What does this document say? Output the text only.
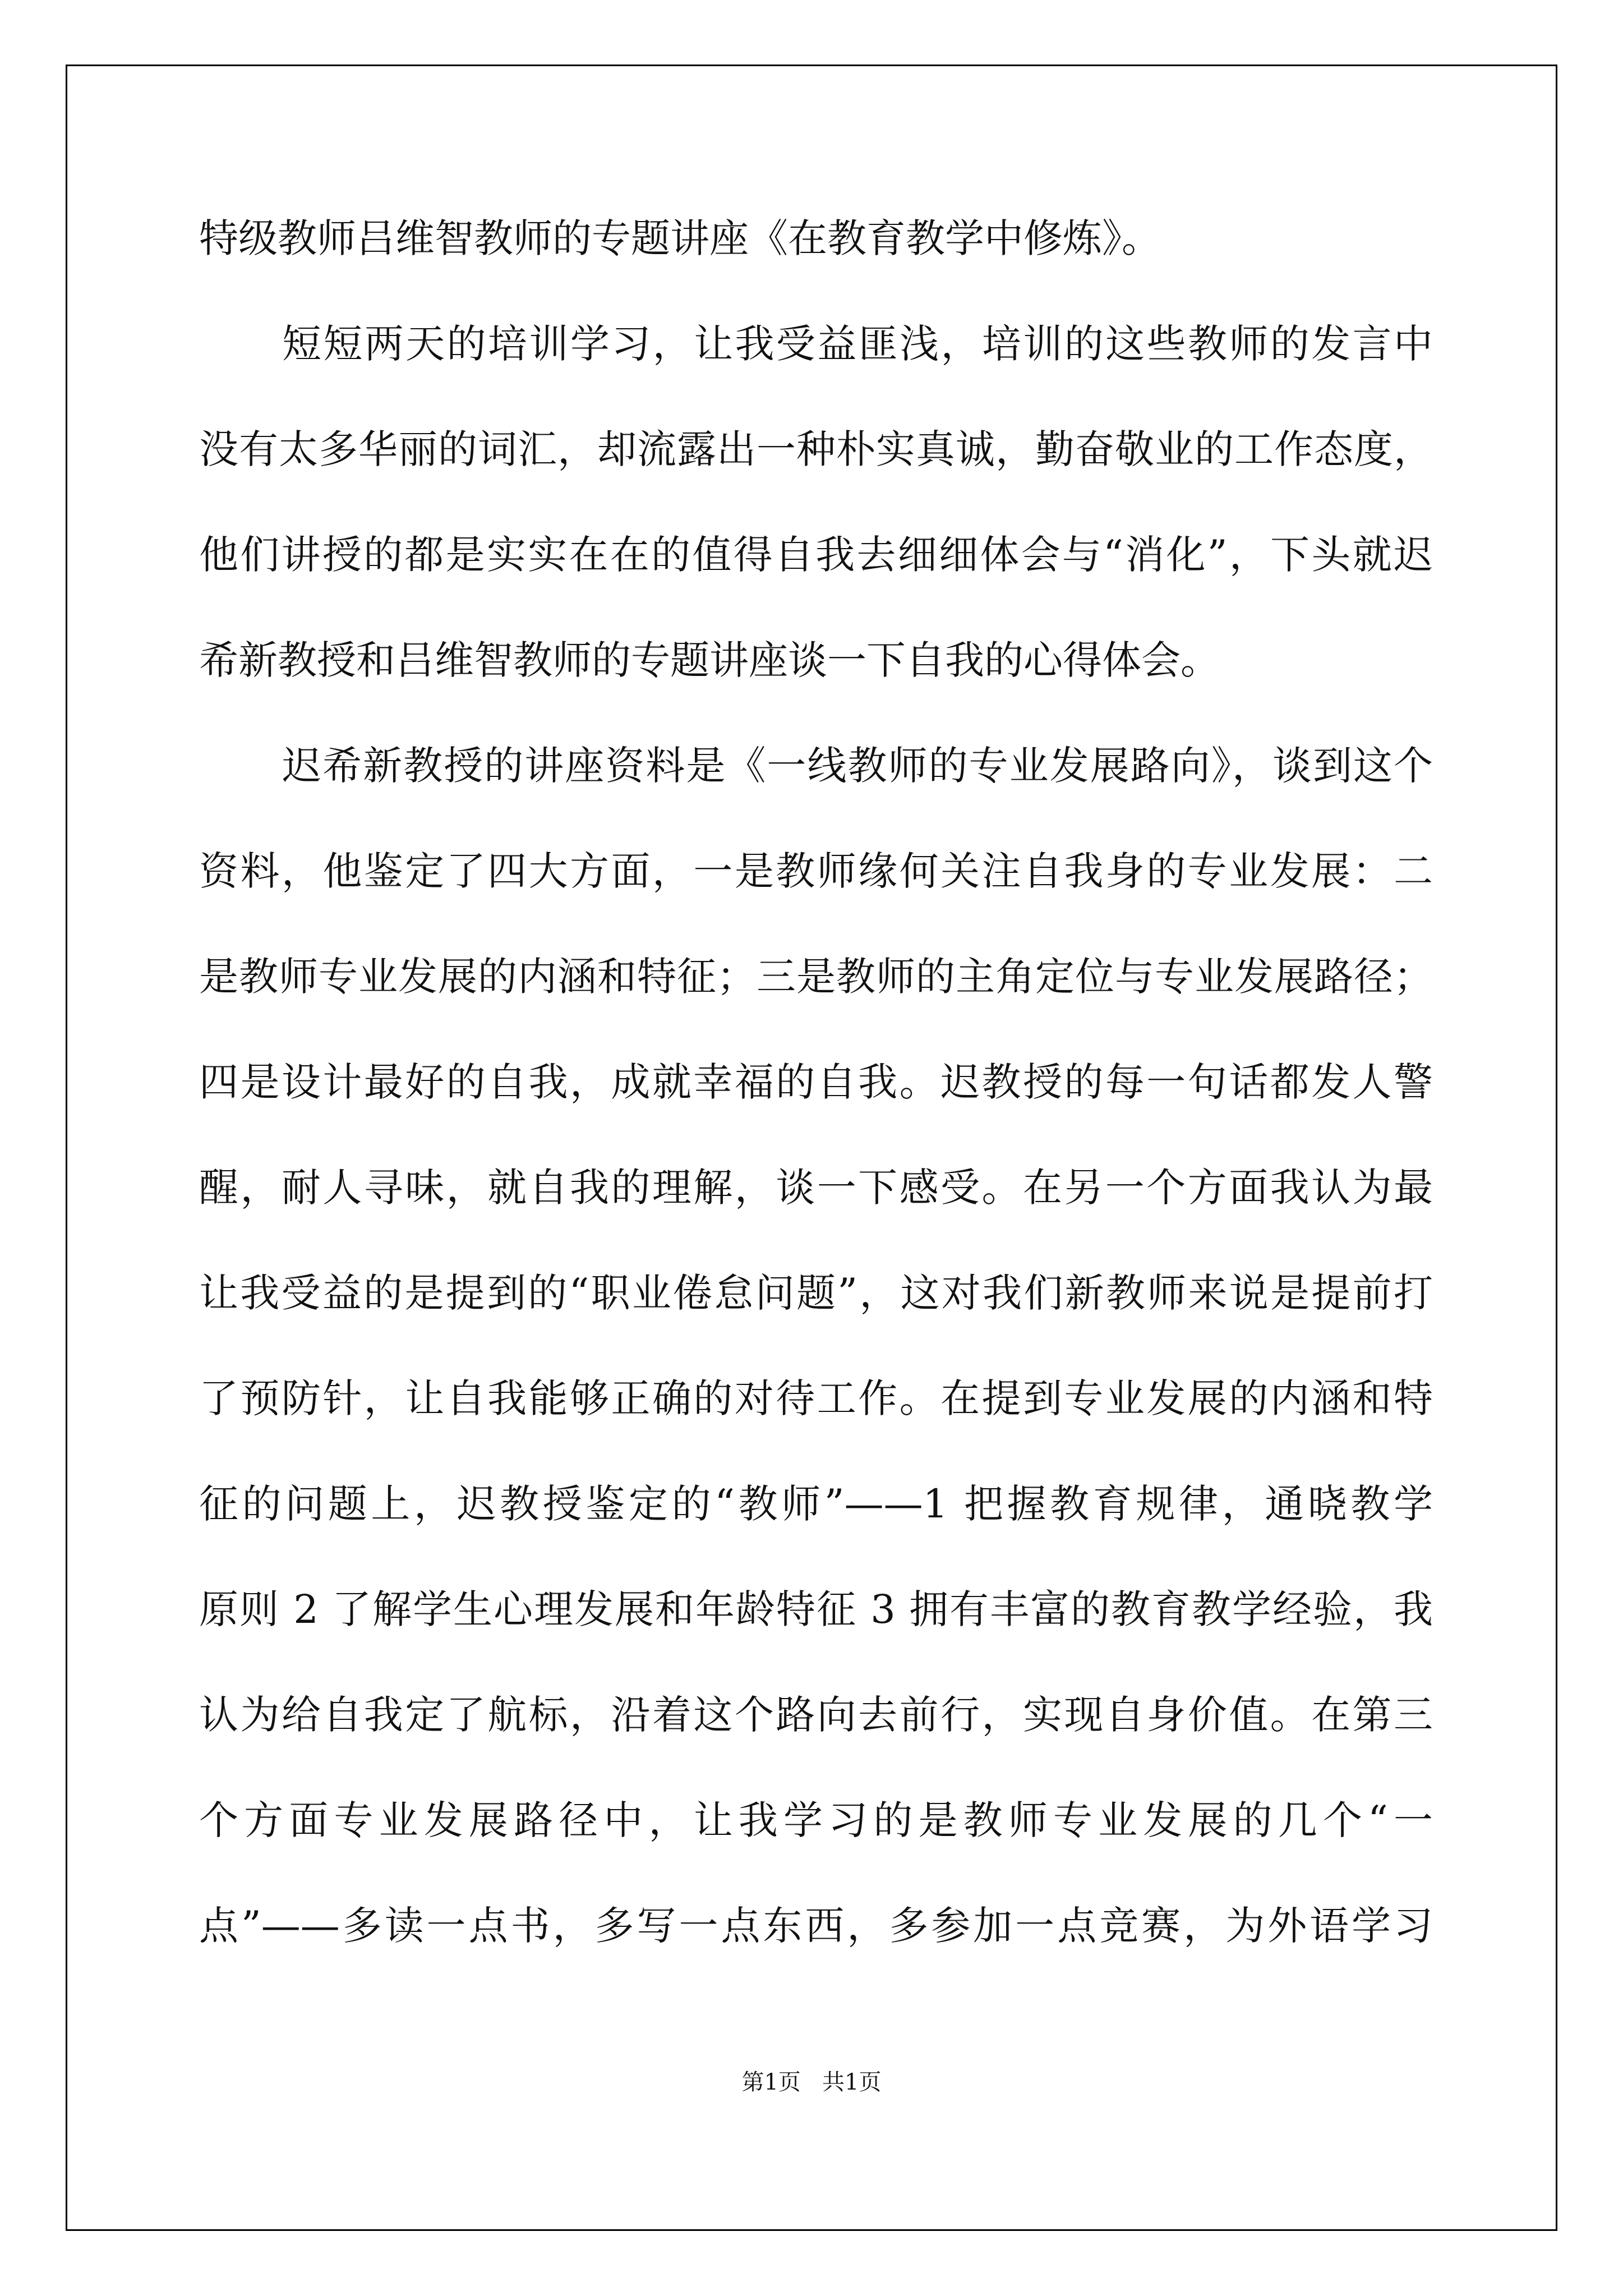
特级教师吕维智教师的专题讲座《在教育教学中修炼》。
短短两天的培训学习，让我受益匪浅，培训的这些教师的发言中
没有太多华丽的词汇，却流露出一种朴实真诚，勤奋敬业的工作态度，
他们讲授的都是实实在在的值得自我去细细体会与“消化”，下头就迟
希新教授和吕维智教师的专题讲座谈一下自我的心得体会。
迟希新教授的讲座资料是《一线教师的专业发展路向》，谈到这个
资料，他鉴定了四大方面，一是教师缘何关注自我身的专业发展：二
是教师专业发展的内涵和特征；三是教师的主角定位与专业发展路径；
四是设计最好的自我，成就幸福的自我。迟教授的每一句话都发人警
醒，耐人寻味，就自我的理解，谈一下感受。在另一个方面我认为最
让我受益的是提到的“职业倦怠问题”，这对我们新教师来说是提前打
了预防针，让自我能够正确的对待工作。在提到专业发展的内涵和特
征的问题上，迟教授鉴定的“教师”——1 把握教育规律，通晓教学
原则 2 了解学生心理发展和年龄特征 3 拥有丰富的教育教学经验，我
认为给自我定了航标，沿着这个路向去前行，实现自身价值。在第三
个方面专业发展路径中，让我学习的是教师专业发展的几个“一
点”——多读一点书，多写一点东西，多参加一点竞赛，为外语学习
第1页   共1页
